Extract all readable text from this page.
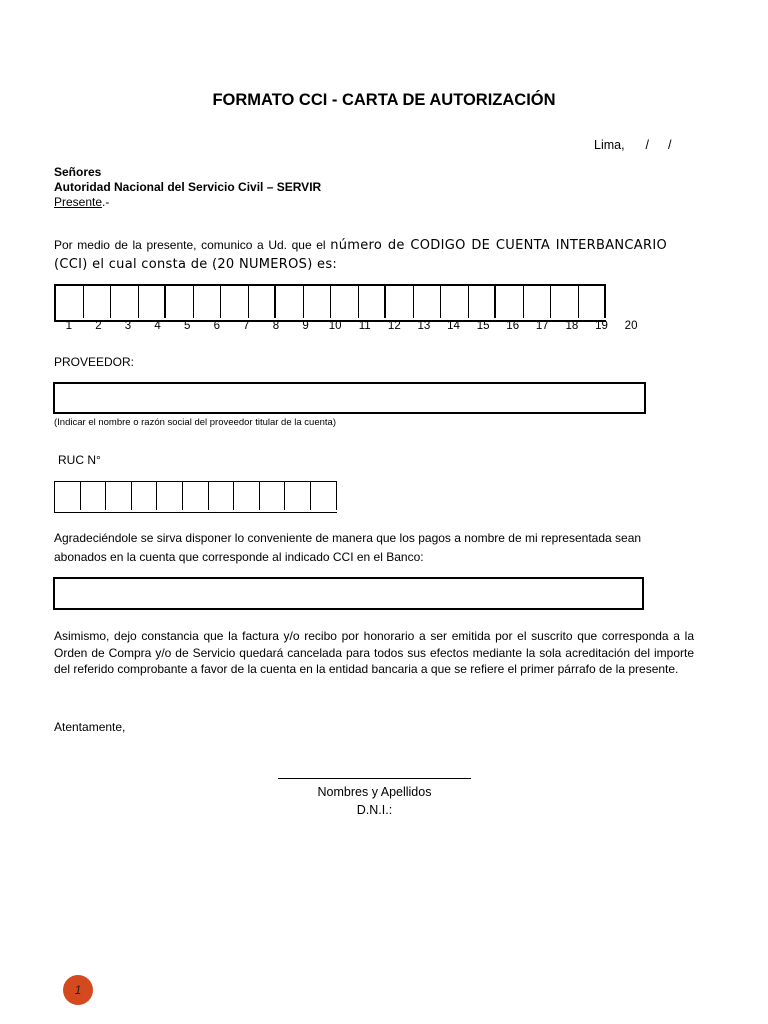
FORMATO CCI - CARTA DE AUTORIZACIÓN
Lima, / /
Señores
Autoridad Nacional del Servicio Civil – SERVIR
Presente.-
Por medio de la presente, comunico a Ud. que el número de CODIGO DE CUENTA INTERBANCARIO (CCI) el cual consta de (20 NUMEROS) es:
1	2	3	4	5	6	7	8	9	10	11	12	13	14	15	16	17	18	19	20
PROVEEDOR:
(Indicar el nombre o razón social del proveedor titular de la cuenta)
RUC N°
Agradeciéndole se sirva disponer lo conveniente de manera que los pagos a nombre de mi representada sean abonados en la cuenta que corresponde al indicado CCI en el Banco:
Asimismo, dejo constancia que la factura y/o recibo por honorario a ser emitida por el suscrito que corresponda a la Orden de Compra y/o de Servicio quedará cancelada para todos sus efectos mediante la sola acreditación del importe del referido comprobante a favor de la cuenta en la entidad bancaria a que se refiere el primer párrafo de la presente.
Atentamente,
Nombres y Apellidos
D.N.I.:
1
